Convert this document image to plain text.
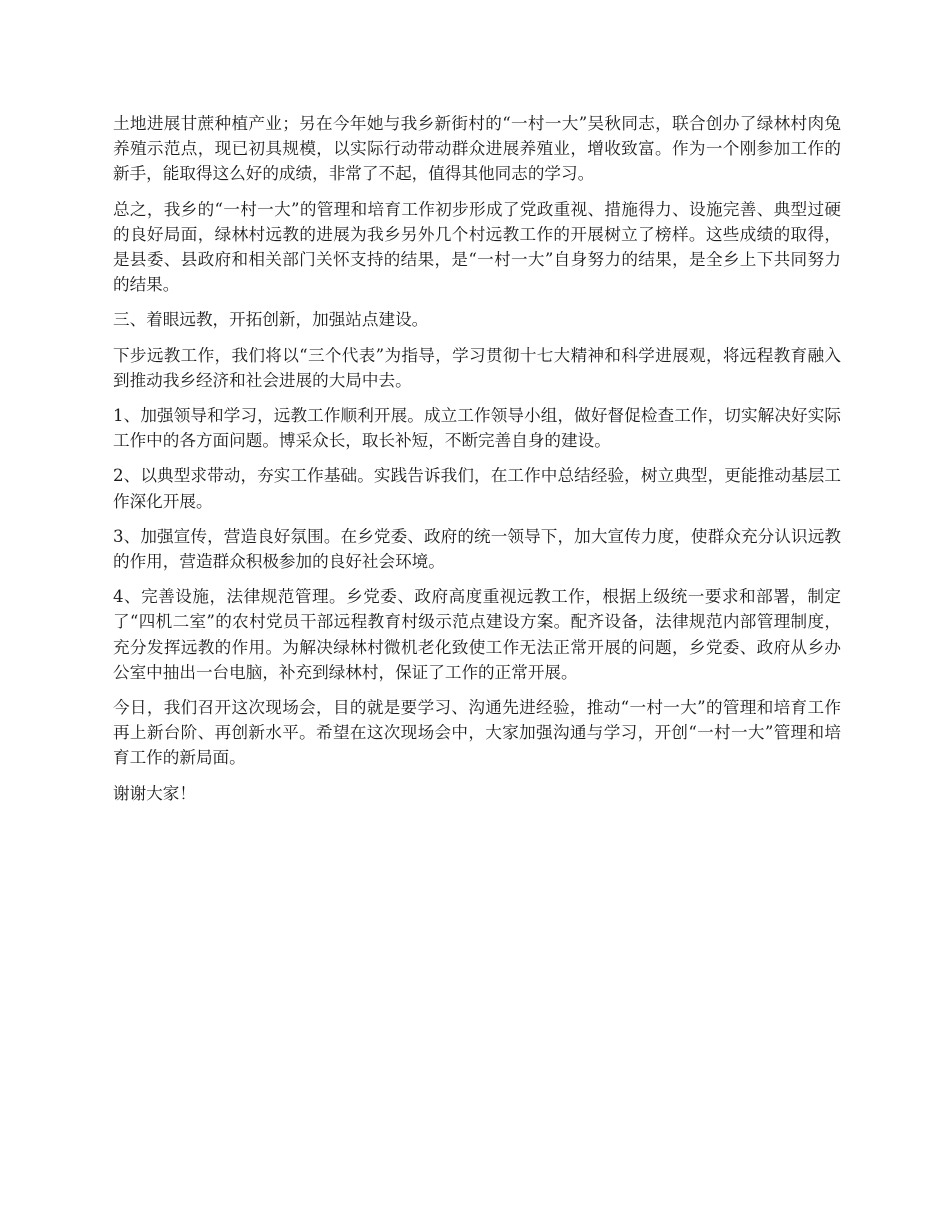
土地进展甘蔗种植产业；另在今年她与我乡新街村的“一村一大”吴秋同志，联合创办了绿林村肉兔养殖示范点，现已初具规模，以实际行动带动群众进展养殖业，增收致富。作为一个刚参加工作的新手，能取得这么好的成绩，非常了不起，值得其他同志的学习。

总之，我乡的“一村一大”的管理和培育工作初步形成了党政重视、措施得力、设施完善、典型过硬的良好局面，绿林村远教的进展为我乡另外几个村远教工作的开展树立了榜样。这些成绩的取得，是县委、县政府和相关部门关怀支持的结果，是“一村一大”自身努力的结果，是全乡上下共同努力的结果。

三、着眼远教，开拓创新，加强站点建设。

下步远教工作，我们将以“三个代表”为指导，学习贯彻十七大精神和科学进展观，将远程教育融入到推动我乡经济和社会进展的大局中去。

1、加强领导和学习，远教工作顺利开展。成立工作领导小组，做好督促检查工作，切实解决好实际工作中的各方面问题。博采众长，取长补短，不断完善自身的建设。

2、以典型求带动，夯实工作基础。实践告诉我们，在工作中总结经验，树立典型，更能推动基层工作深化开展。

3、加强宣传，营造良好氛围。在乡党委、政府的统一领导下，加大宣传力度，使群众充分认识远教的作用，营造群众积极参加的良好社会环境。

4、完善设施，法律规范管理。乡党委、政府高度重视远教工作，根据上级统一要求和部署，制定了“四机二室”的农村党员干部远程教育村级示范点建设方案。配齐设备，法律规范内部管理制度，充分发挥远教的作用。为解决绿林村微机老化致使工作无法正常开展的问题，乡党委、政府从乡办公室中抽出一台电脑，补充到绿林村，保证了工作的正常开展。

今日，我们召开这次现场会，目的就是要学习、沟通先进经验，推动“一村一大”的管理和培育工作再上新台阶、再创新水平。希望在这次现场会中，大家加强沟通与学习，开创“一村一大”管理和培育工作的新局面。

谢谢大家！
